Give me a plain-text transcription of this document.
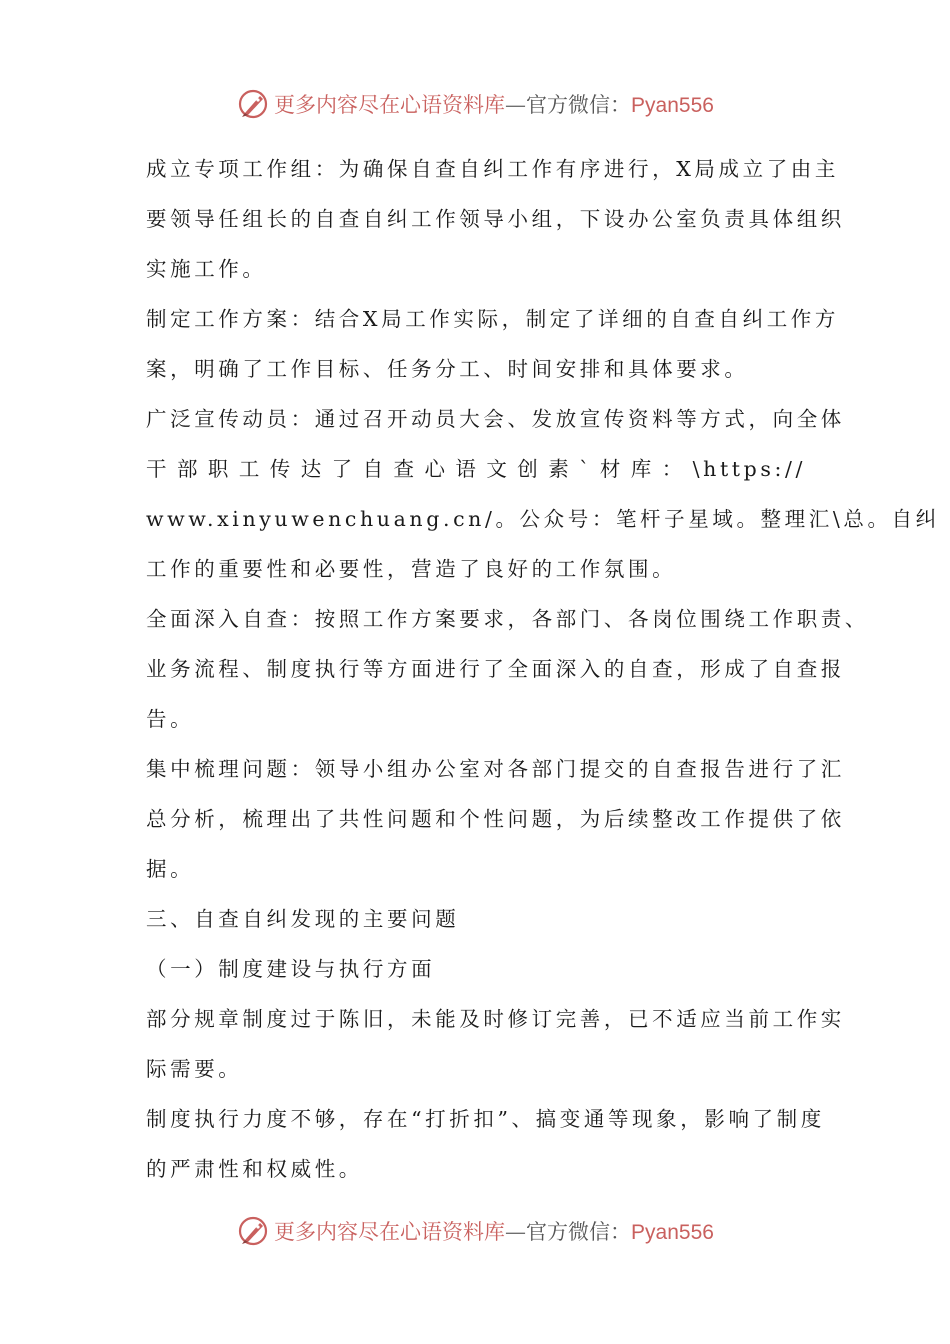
更多内容尽在心语资料库—官方微信：Pyan556

成立专项工作组：为确保自查自纠工作有序进行，X局成立了由主
要领导任组长的自查自纠工作领导小组，下设办公室负责具体组织
实施工作。

制定工作方案：结合X局工作实际，制定了详细的自查自纠工作方
案，明确了工作目标、任务分工、时间安排和具体要求。

广泛宣传动员：通过召开动员大会、发放宣传资料等方式，向全体
干部职工传达了自查心语文创素`材库：\https://
www.xinyuwenchuang.cn/。公众号：笔杆子星域。整理汇\总。自纠
工作的重要性和必要性，营造了良好的工作氛围。

全面深入自查：按照工作方案要求，各部门、各岗位围绕工作职责、
业务流程、制度执行等方面进行了全面深入的自查，形成了自查报
告。

集中梳理问题：领导小组办公室对各部门提交的自查报告进行了汇
总分析，梳理出了共性问题和个性问题，为后续整改工作提供了依
据。

三、自查自纠发现的主要问题

（一）制度建设与执行方面

部分规章制度过于陈旧，未能及时修订完善，已不适应当前工作实
际需要。

制度执行力度不够，存在“打折扣”、搞变通等现象，影响了制度
的严肃性和权威性。

更多内容尽在心语资料库—官方微信：Pyan556
